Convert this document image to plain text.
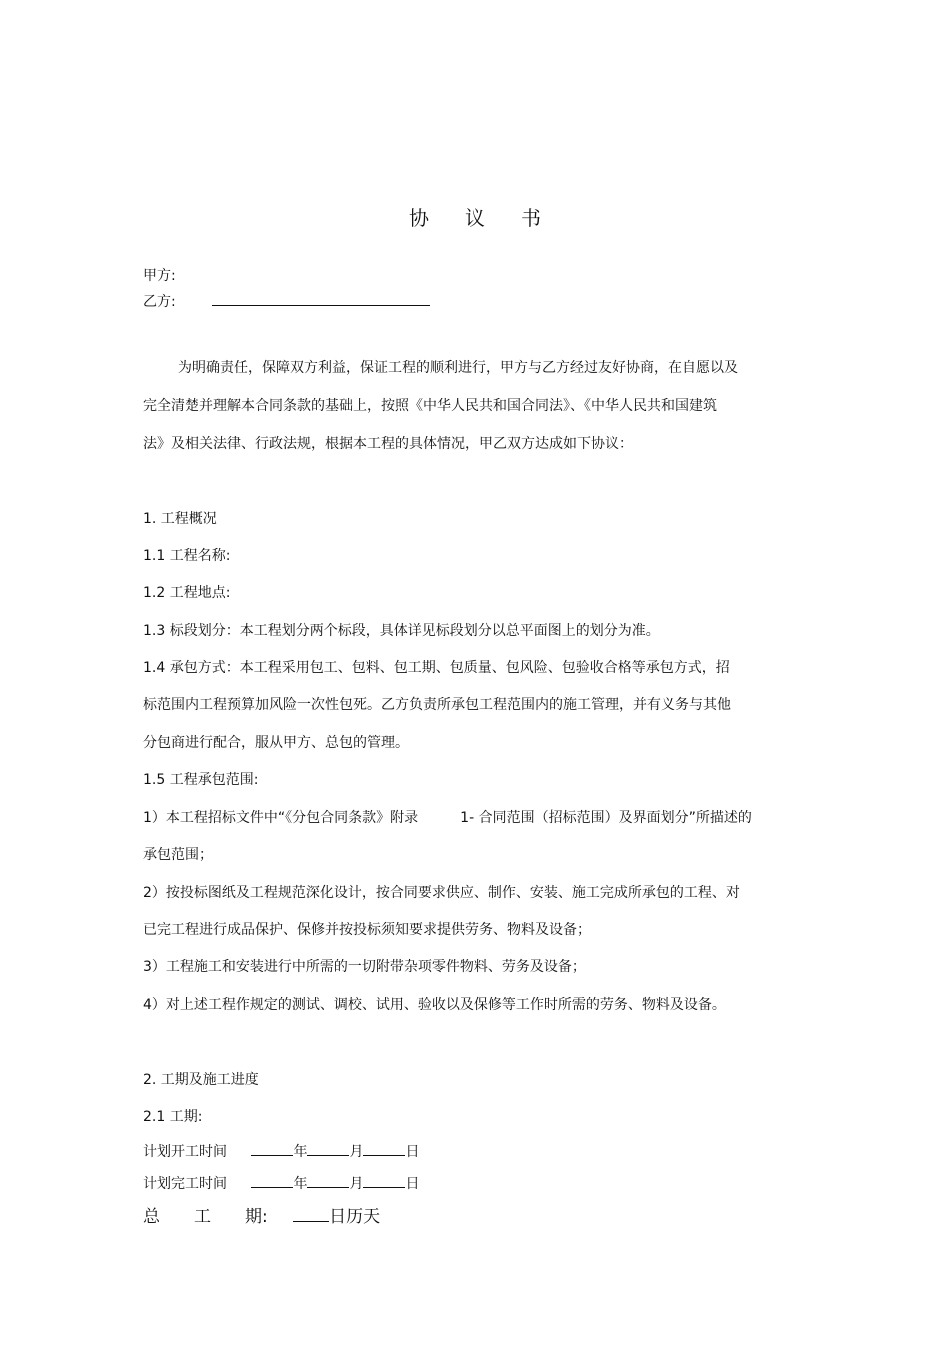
协 议 书
甲方:
乙方:
为明确责任，保障双方利益，保证工程的顺利进行，甲方与乙方经过友好协商，在自愿以及
完全清楚并理解本合同条款的基础上，按照《中华人民共和国合同法》、《中华人民共和国建筑
法》及相关法律、行政法规，根据本工程的具体情况，甲乙双方达成如下协议：
1. 工程概况
1.1 工程名称:
1.2 工程地点:
1.3 标段划分：本工程划分两个标段，具体详见标段划分以总平面图上的划分为准。
1.4 承包方式：本工程采用包工、包料、包工期、包质量、包风险、包验收合格等承包方式，招
标范围内工程预算加风险一次性包死。乙方负责所承包工程范围内的施工管理，并有义务与其他
分包商进行配合，服从甲方、总包的管理。
1.5 工程承包范围:
1）本工程招标文件中“《分包合同条款》附录	1- 合同范围（招标范围）及界面划分”所描述的
承包范围；
2）按投标图纸及工程规范深化设计，按合同要求供应、制作、安装、施工完成所承包的工程、对
已完工程进行成品保护、保修并按投标须知要求提供劳务、物料及设备；
3）工程施工和安装进行中所需的一切附带杂项零件物料、劳务及设备；
4）对上述工程作规定的测试、调校、试用、验收以及保修等工作时所需的劳务、物料及设备。
2. 工期及施工进度
2.1 工期:
计划开工时间	年	月	日
计划完工时间	年	月	日
总　　工　　期:	日历天
